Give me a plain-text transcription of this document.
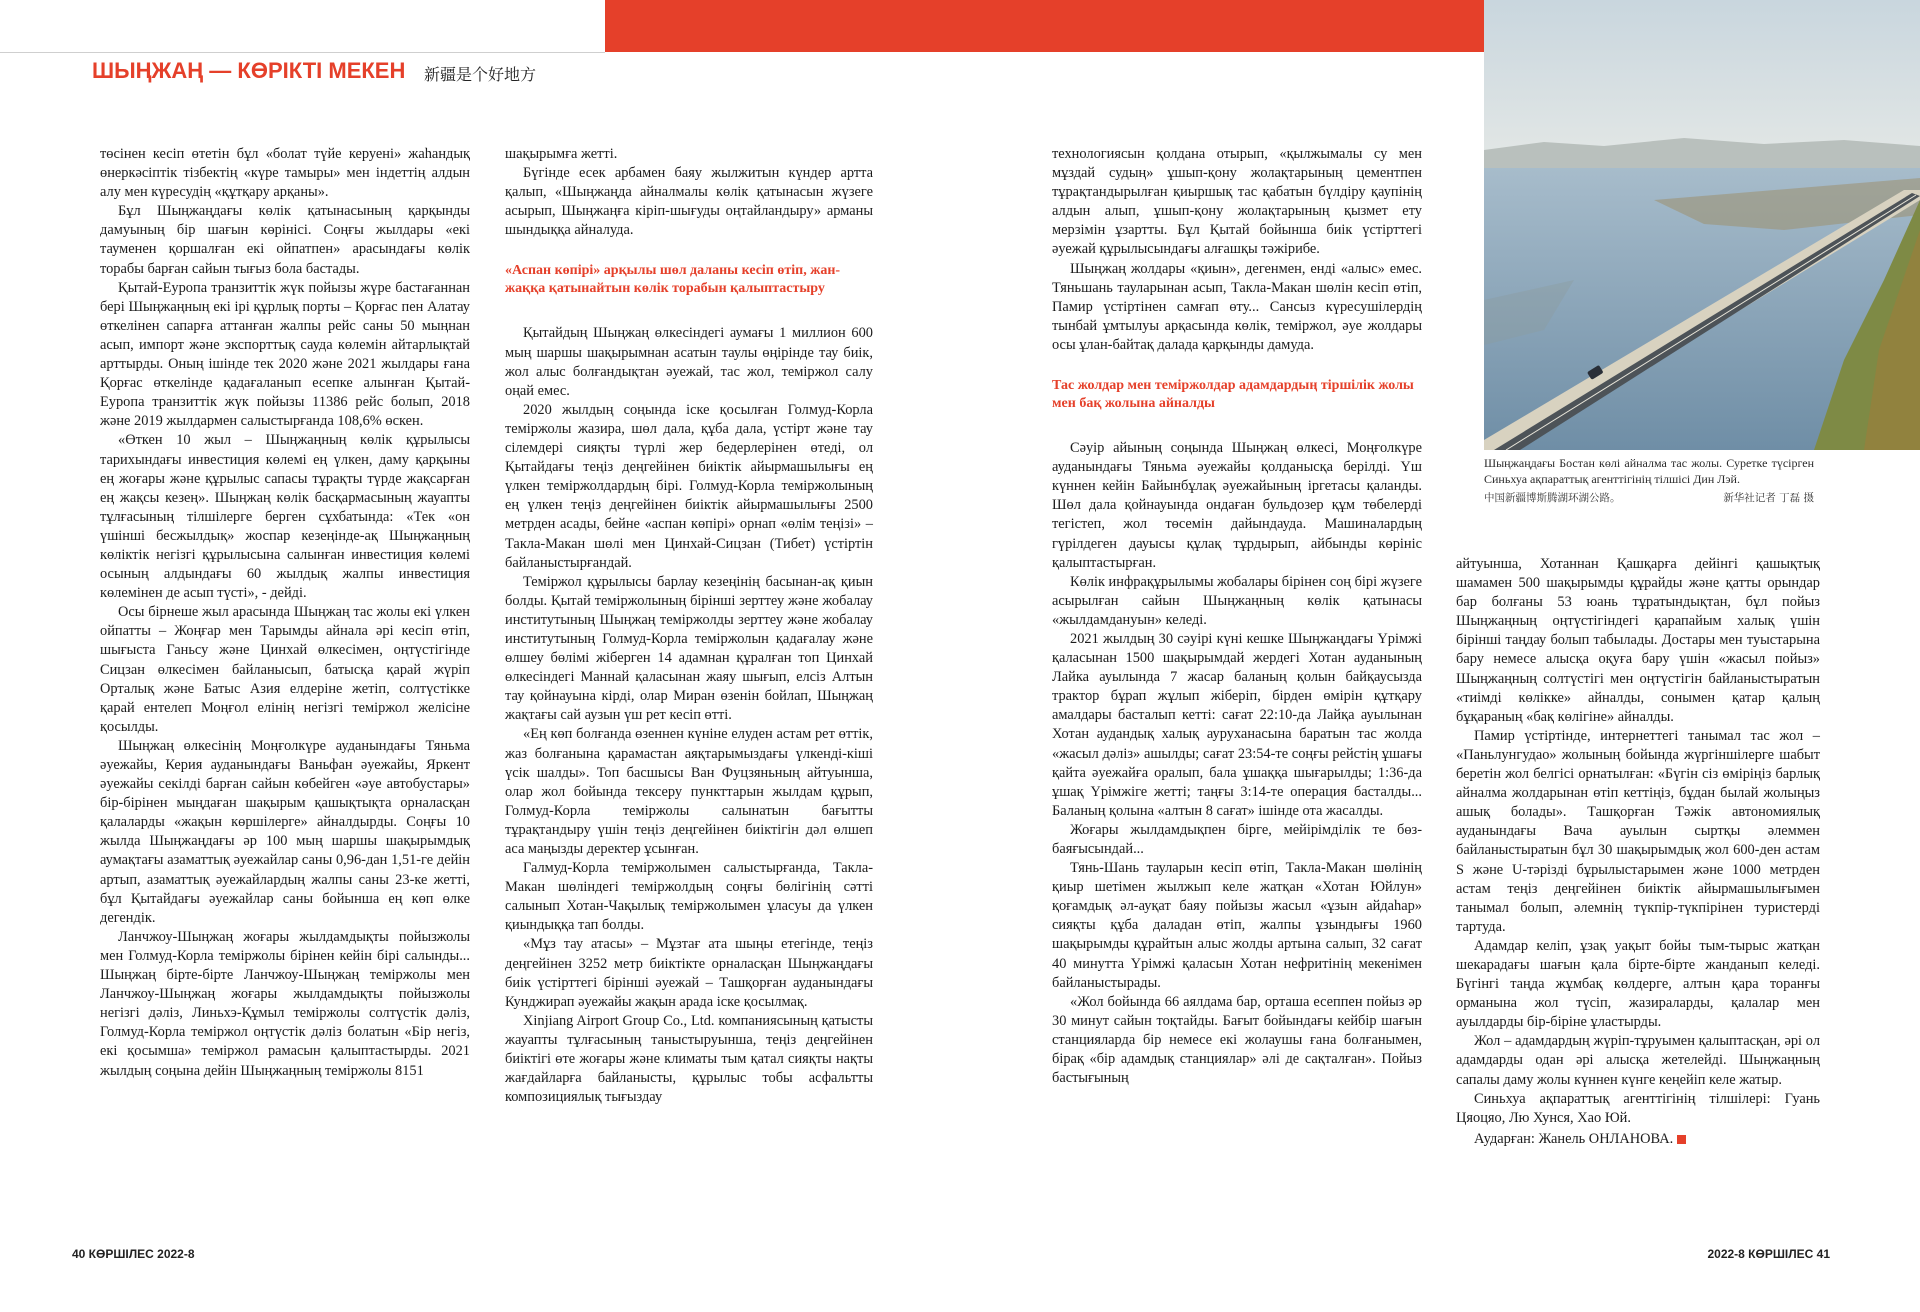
ШЫҢЖАҢ — КӨРІКТІ МЕКЕН 新疆是个好地方

төсінен кесіп өтетін бұл «болат түйе керуені» жаһандық өнеркәсіптік тізбектің «күре тамыры» мен індеттің алдын алу мен күресудің «құтқару арқаны».

Бұл Шыңжаңдағы көлік қатынасының қарқынды дамуының бір шағын көрінісі. Соңғы жылдары «екі тауменен қоршалған екі ойпатпен» арасындағы көлік торабы барған сайын тығыз бола бастады.

Қытай-Еуропа транзиттік жүк пойызы жүре бастағаннан бері Шыңжаңның екі ірі құрлық порты – Қорғас пен Алатау өткелінен сапарға аттанған жалпы рейс саны 50 мыңнан асып, импорт және экспорттық сауда көлемін айтарлықтай арттырды. Оның ішінде тек 2020 және 2021 жылдары ғана Қорғас өткелінде қадағаланып есепке алынған Қытай-Еуропа транзиттік жүк пойызы 11386 рейс болып, 2018 және 2019 жылдармен салыстырғанда 108,6% өскен.

«Өткен 10 жыл – Шыңжаңның көлік құрылысы тарихындағы инвестиция көлемі ең үлкен, даму қарқыны ең жоғары және құрылыс сапасы тұрақты түрде жақсарған ең жақсы кезең». Шыңжаң көлік басқармасының жауапты тұлғасының тілшілерге берген сұхбатында: «Тек «он үшінші бесжылдық» жоспар кезеңінде-ақ Шыңжаңның көліктік негізгі құрылысына салынған инвестиция көлемі осының алдындағы 60 жылдық жалпы инвестиция көлемінен де асып түсті», - дейді.

Осы бірнеше жыл арасында Шыңжаң тас жолы екі үлкен ойпатты – Жоңғар мен Тарымды айнала әрі кесіп өтіп, шығыста Ганьсу және Цинхай өлкесімен, оңтүстігінде Сицзан өлкесімен байланысып, батысқа қарай жүріп Орталық және Батыс Азия елдеріне жетіп, солтүстікке қарай ентелеп Моңғол елінің негізгі теміржол желісіне қосылды.

Шыңжаң өлкесінің Моңғолкүре ауданындағы Тяньма әуежайы, Керия ауданындағы Ваньфан әуежайы, Яркент әуежайы секілді барған сайын көбейген «әуе автобустары» бір-бірінен мыңдаған шақырым қашықтықта орналасқан қалаларды «жақын көршілерге» айналдырды. Соңғы 10 жылда Шыңжаңдағы әр 100 мың шаршы шақырымдық аумақтағы азаматтық әуежайлар саны 0,96-дан 1,51-ге дейін артып, азаматтық әуежайлардың жалпы саны 23-ке жетті, бұл Қытайдағы әуежайлар саны бойынша ең көп өлке дегендік.

Ланчжоу-Шыңжаң жоғары жылдамдықты пойызжолы мен Голмуд-Корла теміржолы бірінен кейін бірі салынды... Шыңжаң біртe-біртe Ланчжоу-Шыңжаң теміржолы мен Ланчжоу-Шыңжаң жоғары жылдамдықты пойызжолы негізгі дәліз, Линьхэ-Құмыл теміржолы солтүстік дәліз, Голмуд-Корла теміржол оңтүстік дәліз болатын «Бір негіз, екі қосымша» теміржол рамасын қалыптастырды. 2021 жылдың соңына дейін Шыңжаңның теміржолы 8151

шақырымға жетті.

Бүгінде есек арбамен баяу жылжитын күндер артта қалып, «Шыңжаңда айналмалы көлік қатынасын жүзеге асырып, Шыңжаңға кіріп-шығуды оңтайландыру» арманы шындыққа айналуда.

«Аспан көпірі» арқылы шөл даланы кесіп өтіп, жан-жаққа қатынайтын көлік торабын қалыптастыру

Қытайдың Шыңжаң өлкесіндегі аумағы 1 миллион 600 мың шаршы шақырымнан асатын таулы өңірінде тау биік, жол алыс болғандықтан әуежай, тас жол, теміржол салу оңай емес.

2020 жылдың соңында іске қосылған Голмуд-Корла теміржолы жазира, шөл дала, құба дала, үстірт және тау сілемдері сияқты түрлі жер бедерлерінен өтеді, ол Қытайдағы теңіз деңгейінен биіктік айырмашылығы ең үлкен теміржолдардың бірі. Голмуд-Корла теміржолының ең үлкен теңіз деңгейінен биіктік айырмашылығы 2500 метрден асады, бейне «аспан көпірі» орнап «өлім теңізі» – Такла-Макан шөлі мен Цинхай-Сицзан (Тибет) үстіртін байланыстырғандай.

Теміржол құрылысы барлау кезеңінің басынан-ақ қиын болды. Қытай теміржолының бірінші зерттеу және жобалау институтының Шыңжаң теміржолды зерттеу және жобалау институтының Голмуд-Корла теміржолын қадағалау және өлшеу бөлімі жіберген 14 адамнан құралған топ Цинхай өлкесіндегі Маннай қаласынан жаяу шығып, елсіз Алтын тау қойнауына кірді, олар Миран өзенін бойлап, Шыңжаң жақтағы сай аузын үш рет кесіп өтті.

«Ең көп болғанда өзеннен күніне елуден астам рет өттік, жаз болғанына қарамастан аяқтарымыздағы үлкенді-кіші үсік шалды». Топ басшысы Ван Фуцзяньның айтуынша, олар жол бойында тексеру пункттарын жылдам құрып, Голмуд-Корла теміржолы салынатын бағытты тұрақтандыру үшін теңіз деңгейінен биіктігін дәл өлшеп аса маңызды деректер ұсынған.

Галмуд-Корла теміржолымен салыстырғанда, Такла-Макан шөліндегі теміржолдың соңғы бөлігінің сәтті салынып Хотан-Чақылық теміржолымен ұласуы да үлкен қиындыққа тап болды.

«Мұз тау атасы» – Мұзтағ ата шыңы етегінде, теңіз деңгейінен 3252 метр биіктікте орналасқан Шыңжаңдағы биік үстірттегі бірінші әуежай – Ташқорған ауданындағы Кунджирап әуежайы жақын арада іске қосылмақ.

Xinjiang Airport Group Co., Ltd. компаниясының қатысты жауапты тұлғасының таныстыруынша, теңіз деңгейінен биіктігі өте жоғары және климаты тым қатал сияқты нақты жағдайларға байланысты, құрылыс тобы асфальтты композициялық тығыздау

технологиясын қолдана отырып, «қылжымалы су мен мұздай судың» ұшып-қону жолақтарының цементпен тұрақтандырылған қиыршық тас қабатын бүлдіру қаупінің алдын алып, ұшып-қону жолақтарының қызмет ету мерзімін ұзартты. Бұл Қытай бойынша биік үстірттегі әуежай құрылысындағы алғашқы тәжірибе.

Шыңжаң жолдары «қиын», дегенмен, енді «алыс» емес. Тяньшань тауларынан асып, Такла-Макан шөлін кесіп өтіп, Памир үстіртінен самғап өту... Сансыз күресушілердің тынбай ұмтылуы арқасында көлік, теміржол, әуе жолдары осы ұлан-байтақ далада қарқынды дамуда.

Тас жолдар мен теміржолдар адамдардың тіршілік жолы мен бақ жолына айналды

Сәуір айының соңында Шыңжаң өлкесі, Моңғолкүре ауданындағы Тяньма әуежайы қолданысқа берілді. Үш күннен кейін Байынбұлақ әуежайының іргетасы қаланды. Шөл дала қойнауында ондаған бульдозер құм төбелерді тегістеп, жол төсемін дайындауда. Машиналардың гүрілдеген дауысы құлақ тұрдырып, айбынды көрініс қалыптастырған.

Көлік инфрақұрылымы жобалары бірінен соң бірі жүзеге асырылған сайын Шыңжаңның көлік қатынасы «жылдамдануын» келеді.

2021 жылдың 30 сәуірі күні кешке Шыңжаңдағы Үрімжі қаласынан 1500 шақырымдай жердегі Хотан ауданының Лайка ауылында 7 жасар баланың қолын байқаусызда трактор бұрап жұлып жіберіп, бірден өмірін құтқару амалдары басталып кетті: сағат 22:10-да Лайқа ауылынан Хотан аудандық халық ауруханасына баратын тас жолда «жасыл дәліз» ашылды; сағат 23:54-те соңғы рейстің ұшағы қайта әуежайға оралып, бала ұшаққа шығарылды; 1:36-да ұшақ Үрімжіге жетті; таңғы 3:14-те операция басталды... Баланың қолына «алтын 8 сағат» ішінде ота жасалды.

Жоғары жылдамдықпен бірге, мейірімділік те бөз-баяғысындай...

Тянь-Шань тауларын кесіп өтіп, Такла-Макан шөлінің қиыр шетімен жылжып келе жатқан «Хотан Юйлун» қоғамдық әл-ауқат баяу пойызы жасыл «ұзын айдаһар» сияқты құба даладан өтіп, жалпы ұзындығы 1960 шақырымды құрайтын алыс жолды артына салып, 32 сағат 40 минутта Үрімжі қаласын Хотан нефритінің мекенімен байланыстырады.

«Жол бойында 66 аялдама бар, орташа есеппен пойыз әр 30 минут сайын тоқтайды. Бағыт бойындағы кейбір шағын станцияларда бір немесе екі жолаушы ғана болғанымен, бірақ «бір адамдық станциялар» әлі де сақталған». Пойыз бастығының

Шыңжаңдағы Бостан көлі айналма тас жолы. Суретке түсірген Синьхуа ақпараттық агенттігінің тілшісі Дин Лэй.
中国新疆博斯腾湖环湖公路。	新华社记者 丁磊 摄

айтуынша, Хотаннан Қашқарға дейінгі қашықтық шамамен 500 шақырымды құрайды және қатты орындар бар болғаны 53 юань тұратындықтан, бұл пойыз Шыңжаңның оңтүстігіндегі қарапайым халық үшін бірінші таңдау болып табылады. Достары мен туыстарына бару немесе алысқа оқуға бару үшін «жасыл пойыз» Шыңжаңның солтүстігі мен оңтүстігін байланыстыратын «тиімді көлікке» айналды, сонымен қатар қалың бұқараның «бақ көлігіне» айналды.

Памир үстіртінде, интернеттегі танымал тас жол – «Паньлунгудао» жолының бойында жүргіншілерге шабыт беретін жол белгісі орнатылған: «Бүгін сіз өміріңіз барлық айналма жолдарынан өтіп кеттіңіз, бұдан былай жолыңыз ашық болады». Ташқорған Тәжік автономиялық ауданындағы Вача ауылын сыртқы әлеммен байланыстыратын бұл 30 шақырымдық жол 600-ден астам S және U-тәрізді бұрылыстарымен және 1000 метрден астам теңіз деңгейінен биіктік айырмашылығымен танымал болып, әлемнің түкпір-түкпірінен туристерді тартуда.

Адамдар келіп, ұзақ уақыт бойы тым-тырыс жатқан шекарадағы шағын қала бірте-бірте жанданып келеді. Бүгінгі таңда жұмбақ көлдерге, алтын қара торанғы орманына жол түсіп, жазираларды, қалалар мен ауылдарды бір-біріне ұластырды.

Жол – адамдардың жүріп-тұруымен қалыптасқан, әрі ол адамдарды одан әрі алысқа жетелейді. Шыңжаңның сапалы даму жолы күннен күнге кеңейіп келе жатыр.

Синьхуа ақпараттық агенттігінің тілшілері: Гуань Цяоцяо, Лю Хунся, Хао Юй.

Аударған: Жанель ОНЛАНОВА.

40 КӨРШІЛЕС 2022-8	2022-8 КӨРШІЛЕС 41
